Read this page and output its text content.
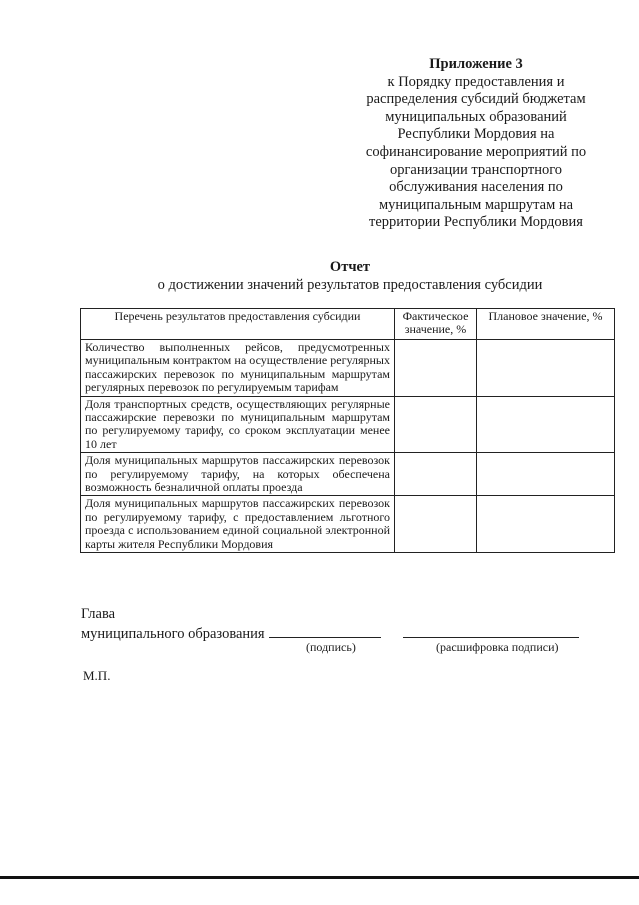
Приложение 3
к Порядку предоставления и
распределения субсидий бюджетам
муниципальных образований
Республики Мордовия на
софинансирование мероприятий по
организации транспортного
обслуживания населения по
муниципальным маршрутам на
территории Республики Мордовия
Отчет
о достижении значений результатов предоставления субсидии
Перечень результатов предоставления субсидии	Фактическое значение, %	Плановое значение, %
Количество выполненных рейсов, предусмотренных муниципальным контрактом на осуществление регулярных пассажирских перевозок по муниципальным маршрутам регулярных перевозок по регулируемым тарифам		
Доля транспортных средств, осуществляющих регулярные пассажирские перевозки по муниципальным маршрутам по регулируемому тарифу, со сроком эксплуатации менее 10 лет		
Доля муниципальных маршрутов пассажирских перевозок по регулируемому тарифу, на которых обеспечена возможность безналичной оплаты проезда		
Доля муниципальных маршрутов пассажирских перевозок по регулируемому тарифу, с предоставлением льготного проезда с использованием единой социальной электронной карты жителя Республики Мордовия		
Глава
муниципального образования
(подпись)	(расшифровка подписи)
М.П.
